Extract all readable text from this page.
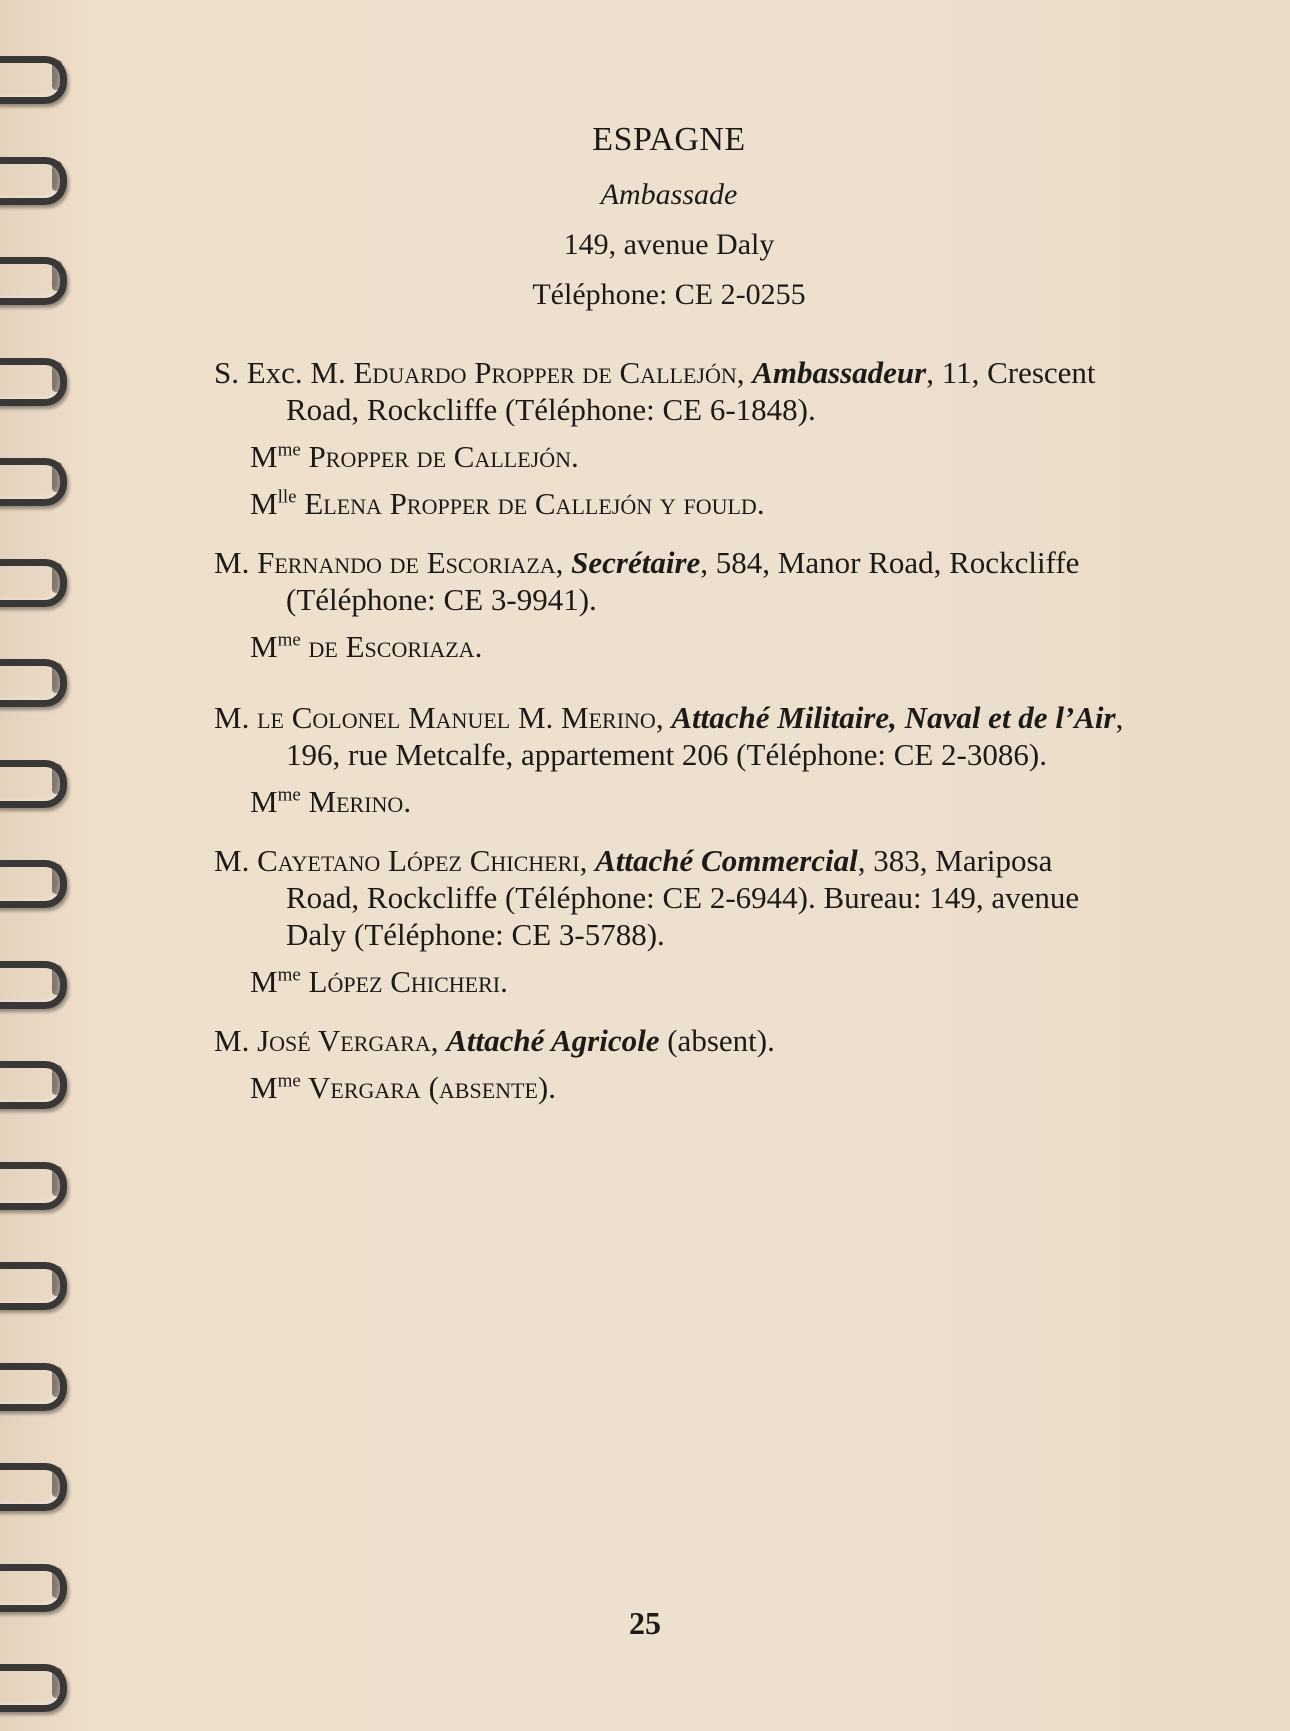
ESPAGNE
Ambassade
149, avenue Daly
Téléphone: CE 2-0255
S. Exc. M. Eduardo Propper de Callejón, Ambassadeur, 11, Crescent Road, Rockcliffe (Téléphone: CE 6-1848).
$M^{me}$ Propper de Callejón.
$M^{lle}$ Elena Propper de Callejón y fould.
M. Fernando de Escoriaza, Secrétaire, 584, Manor Road, Rockcliffe (Téléphone: CE 3-9941).
$M^{me}$ de Escoriaza.
M. le Colonel Manuel M. Merino, Attaché Militaire, Naval et de l’Air, 196, rue Metcalfe, appartement 206 (Téléphone: CE 2-3086).
$M^{me}$ Merino.
M. Cayetano López Chicheri, Attaché Commercial, 383, Mariposa Road, Rockcliffe (Téléphone: CE 2-6944). Bureau: 149, avenue Daly (Téléphone: CE 3-5788).
$M^{me}$ López Chicheri.
M. José Vergara, Attaché Agricole (absent).
$M^{me}$ Vergara (absente).
25
